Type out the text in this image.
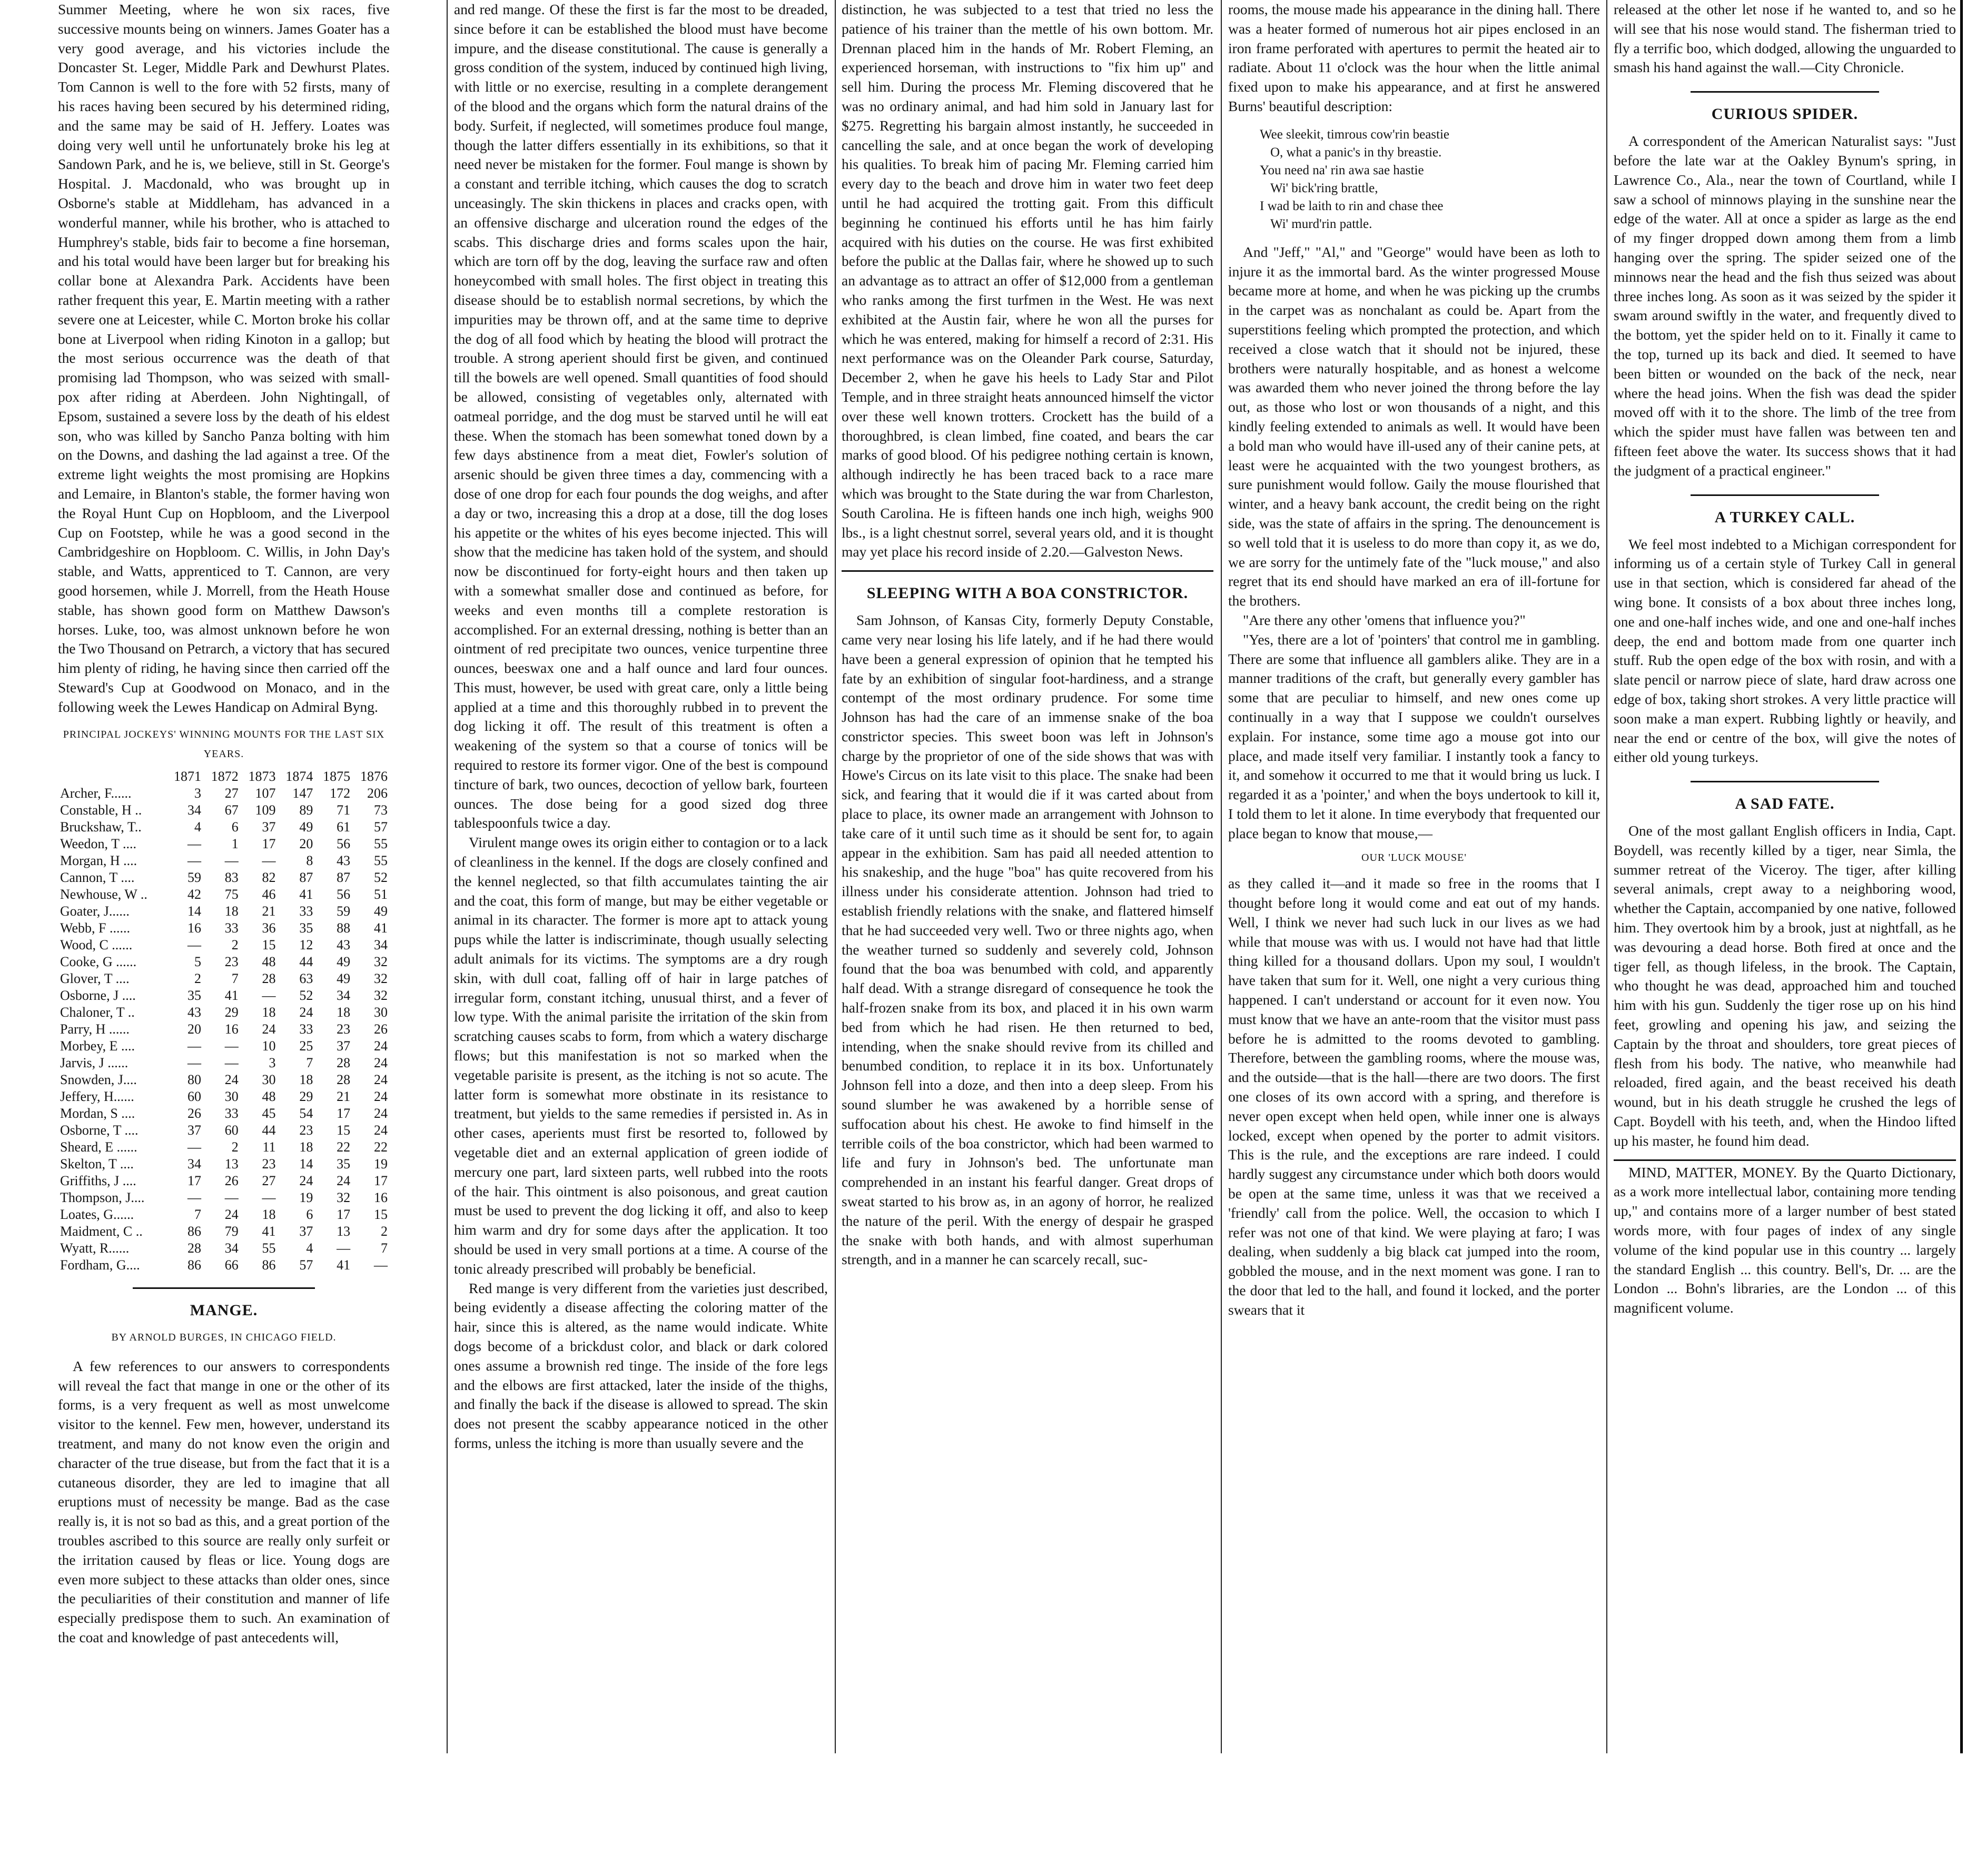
Summer Meeting, where he won six races, five successive mounts being on winners. James Goater has a very good average, and his victories include the Doncaster St. Leger, Middle Park and Dewhurst Plates. Tom Cannon is well to the fore with 52 firsts, many of his races having been secured by his determined riding, and the same may be said of H. Jeffery. Loates was doing very well until he unfortunately broke his leg at Sandown Park, and he is, we believe, still in St. George's Hospital. J. Macdonald, who was brought up in Osborne's stable at Middleham, has advanced in a wonderful manner, while his brother, who is attached to Humphrey's stable, bids fair to become a fine horseman, and his total would have been larger but for breaking his collar bone at Alexandra Park. Accidents have been rather frequent this year, E. Martin meeting with a rather severe one at Leicester, while C. Morton broke his collar bone at Liverpool when riding Kinoton in a gallop; but the most serious occurrence was the death of that promising lad Thompson, who was seized with small-pox after riding at Aberdeen. John Nightingall, of Epsom, sustained a severe loss by the death of his eldest son, who was killed by Sancho Panza bolting with him on the Downs, and dashing the lad against a tree. Of the extreme light weights the most promising are Hopkins and Lemaire, in Blanton's stable, the former having won the Royal Hunt Cup on Hopbloom, and the Liverpool Cup on Footstep, while he was a good second in the Cambridgeshire on Hopbloom. C. Willis, in John Day's stable, and Watts, apprenticed to T. Cannon, are very good horsemen, while J. Morrell, from the Heath House stable, has shown good form on Matthew Dawson's horses. Luke, too, was almost unknown before he won the Two Thousand on Petrarch, a victory that has secured him plenty of riding, he having since then carried off the Steward's Cup at Goodwood on Monaco, and in the following week the Lewes Handicap on Admiral Byng.

PRINCIPAL JOCKEYS' WINNING MOUNTS FOR THE LAST SIX YEARS.
	1871	1872	1873	1874	1875	1876
Archer, F......	3	27	107	147	172	206
Constable, H ..	34	67	109	89	71	73
Bruckshaw, T..	4	6	37	49	61	57
Weedon, T ....	—	1	17	20	56	55
Morgan, H ....	—	—	—	8	43	55
Cannon, T ....	59	83	82	87	87	52
Newhouse, W ..	42	75	46	41	56	51
Goater, J......	14	18	21	33	59	49
Webb, F ......	16	33	36	35	88	41
Wood, C ......	—	2	15	12	43	34
Cooke, G ......	5	23	48	44	49	32
Glover, T ....	2	7	28	63	49	32
Osborne, J ....	35	41	—	52	34	32
Chaloner, T ..	43	29	18	24	18	30
Parry, H ......	20	16	24	33	23	26
Morbey, E ....	—	—	10	25	37	24
Jarvis, J ......	—	—	3	7	28	24
Snowden, J....	80	24	30	18	28	24
Jeffery, H......	60	30	48	29	21	24
Mordan, S ....	26	33	45	54	17	24
Osborne, T ....	37	60	44	23	15	24
Sheard, E ......	—	2	11	18	22	22
Skelton, T ....	34	13	23	14	35	19
Griffiths, J ....	17	26	27	24	24	17
Thompson, J....	—	—	—	19	32	16
Loates, G......	7	24	18	6	17	15
Maidment, C ..	86	79	41	37	13	2
Wyatt, R......	28	34	55	4	—	7
Fordham, G....	86	66	86	57	41	—
MANGE.
BY ARNOLD BURGES, IN CHICAGO FIELD.

A few references to our answers to correspondents will reveal the fact that mange in one or the other of its forms, is a very frequent as well as most unwelcome visitor to the kennel. Few men, however, understand its treatment, and many do not know even the origin and character of the true disease, but from the fact that it is a cutaneous disorder, they are led to imagine that all eruptions must of necessity be mange. Bad as the case really is, it is not so bad as this, and a great portion of the troubles ascribed to this source are really only surfeit or the irritation caused by fleas or lice. Young dogs are even more subject to these attacks than older ones, since the peculiarities of their constitution and manner of life especially predispose them to such. An examination of the coat and knowledge of past antecedents will,

and red mange. Of these the first is far the most to be dreaded, since before it can be established the blood must have become impure, and the disease constitutional. The cause is generally a gross condition of the system, induced by continued high living, with little or no exercise, resulting in a complete derangement of the blood and the organs which form the natural drains of the body. Surfeit, if neglected, will sometimes produce foul mange, though the latter differs essentially in its exhibitions, so that it need never be mistaken for the former. Foul mange is shown by a constant and terrible itching, which causes the dog to scratch unceasingly. The skin thickens in places and cracks open, with an offensive discharge and ulceration round the edges of the scabs. This discharge dries and forms scales upon the hair, which are torn off by the dog, leaving the surface raw and often honeycombed with small holes. The first object in treating this disease should be to establish normal secretions, by which the impurities may be thrown off, and at the same time to deprive the dog of all food which by heating the blood will protract the trouble. A strong aperient should first be given, and continued till the bowels are well opened. Small quantities of food should be allowed, consisting of vegetables only, alternated with oatmeal porridge, and the dog must be starved until he will eat these. When the stomach has been somewhat toned down by a few days abstinence from a meat diet, Fowler's solution of arsenic should be given three times a day, commencing with a dose of one drop for each four pounds the dog weighs, and after a day or two, increasing this a drop at a dose, till the dog loses his appetite or the whites of his eyes become injected. This will show that the medicine has taken hold of the system, and should now be discontinued for forty-eight hours and then taken up with a somewhat smaller dose and continued as before, for weeks and even months till a complete restoration is accomplished. For an external dressing, nothing is better than an ointment of red precipitate two ounces, venice turpentine three ounces, beeswax one and a half ounce and lard four ounces. This must, however, be used with great care, only a little being applied at a time and this thoroughly rubbed in to prevent the dog licking it off. The result of this treatment is often a weakening of the system so that a course of tonics will be required to restore its former vigor. One of the best is compound tincture of bark, two ounces, decoction of yellow bark, fourteen ounces. The dose being for a good sized dog three tablespoonfuls twice a day.

Virulent mange owes its origin either to contagion or to a lack of cleanliness in the kennel. If the dogs are closely confined and the kennel neglected, so that filth accumulates tainting the air and the coat, this form of mange, but may be either vegetable or animal in its character. The former is more apt to attack young pups while the latter is indiscriminate, though usually selecting adult animals for its victims. The symptoms are a dry rough skin, with dull coat, falling off of hair in large patches of irregular form, constant itching, unusual thirst, and a fever of low type. With the animal parisite the irritation of the skin from scratching causes scabs to form, from which a watery discharge flows; but this manifestation is not so marked when the vegetable parisite is present, as the itching is not so acute. The latter form is somewhat more obstinate in its resistance to treatment, but yields to the same remedies if persisted in. As in other cases, aperients must first be resorted to, followed by vegetable diet and an external application of green iodide of mercury one part, lard sixteen parts, well rubbed into the roots of the hair. This ointment is also poisonous, and great caution must be used to prevent the dog licking it off, and also to keep him warm and dry for some days after the application. It too should be used in very small portions at a time. A course of the tonic already prescribed will probably be beneficial.

Red mange is very different from the varieties just described, being evidently a disease affecting the coloring matter of the hair, since this is altered, as the name would indicate. White dogs become of a brickdust color, and black or dark colored ones assume a brownish red tinge. The inside of the fore legs and the elbows are first attacked, later the inside of the thighs, and finally the back if the disease is allowed to spread. The skin does not present the scabby appearance noticed in the other forms, unless the itching is more than usually severe and the

distinction, he was subjected to a test that tried no less the patience of his trainer than the mettle of his own bottom. Mr. Drennan placed him in the hands of Mr. Robert Fleming, an experienced horseman, with instructions to "fix him up" and sell him. During the process Mr. Fleming discovered that he was no ordinary animal, and had him sold in January last for $275. Regretting his bargain almost instantly, he succeeded in cancelling the sale, and at once began the work of developing his qualities. To break him of pacing Mr. Fleming carried him every day to the beach and drove him in water two feet deep until he had acquired the trotting gait. From this difficult beginning he continued his efforts until he has him fairly acquired with his duties on the course. He was first exhibited before the public at the Dallas fair, where he showed up to such an advantage as to attract an offer of $12,000 from a gentleman who ranks among the first turfmen in the West. He was next exhibited at the Austin fair, where he won all the purses for which he was entered, making for himself a record of 2:31. His next performance was on the Oleander Park course, Saturday, December 2, when he gave his heels to Lady Star and Pilot Temple, and in three straight heats announced himself the victor over these well known trotters. Crockett has the build of a thoroughbred, is clean limbed, fine coated, and bears the car marks of good blood. Of his pedigree nothing certain is known, although indirectly he has been traced back to a race mare which was brought to the State during the war from Charleston, South Carolina. He is fifteen hands one inch high, weighs 900 lbs., is a light chestnut sorrel, several years old, and it is thought may yet place his record inside of 2.20.—Galveston News.

SLEEPING WITH A BOA CONSTRICTOR.

Sam Johnson, of Kansas City, formerly Deputy Constable, came very near losing his life lately, and if he had there would have been a general expression of opinion that he tempted his fate by an exhibition of singular foot-hardiness, and a strange contempt of the most ordinary prudence. For some time Johnson has had the care of an immense snake of the boa constrictor species. This sweet boon was left in Johnson's charge by the proprietor of one of the side shows that was with Howe's Circus on its late visit to this place. The snake had been sick, and fearing that it would die if it was carted about from place to place, its owner made an arrangement with Johnson to take care of it until such time as it should be sent for, to again appear in the exhibition. Sam has paid all needed attention to his snakeship, and the huge "boa" has quite recovered from his illness under his considerate attention. Johnson had tried to establish friendly relations with the snake, and flattered himself that he had succeeded very well. Two or three nights ago, when the weather turned so suddenly and severely cold, Johnson found that the boa was benumbed with cold, and apparently half dead. With a strange disregard of consequence he took the half-frozen snake from its box, and placed it in his own warm bed from which he had risen. He then returned to bed, intending, when the snake should revive from its chilled and benumbed condition, to replace it in its box. Unfortunately Johnson fell into a doze, and then into a deep sleep. From his sound slumber he was awakened by a horrible sense of suffocation about his chest. He awoke to find himself in the terrible coils of the boa constrictor, which had been warmed to life and fury in Johnson's bed. The unfortunate man comprehended in an instant his fearful danger. Great drops of sweat started to his brow as, in an agony of horror, he realized the nature of the peril. With the energy of despair he grasped the snake with both hands, and with almost superhuman strength, and in a manner he can scarcely recall, suc-

rooms, the mouse made his appearance in the dining hall. There was a heater formed of numerous hot air pipes enclosed in an iron frame perforated with apertures to permit the heated air to radiate. About 11 o'clock was the hour when the little animal fixed upon to make his appearance, and at first he answered Burns' beautiful description:

Wee sleekit, timrous cow'rin beastie
O, what a panic's in thy breastie.
You need na' rin awa sae hastie
Wi' bick'ring brattle,
I wad be laith to rin and chase thee
Wi' murd'rin pattle.

And "Jeff," "Al," and "George" would have been as loth to injure it as the immortal bard. As the winter progressed Mouse became more at home, and when he was picking up the crumbs in the carpet was as nonchalant as could be. Apart from the superstitions feeling which prompted the protection, and which received a close watch that it should not be injured, these brothers were naturally hospitable, and as honest a welcome was awarded them who never joined the throng before the lay out, as those who lost or won thousands of a night, and this kindly feeling extended to animals as well. It would have been a bold man who would have ill-used any of their canine pets, at least were he acquainted with the two youngest brothers, as sure punishment would follow. Gaily the mouse flourished that winter, and a heavy bank account, the credit being on the right side, was the state of affairs in the spring. The denouncement is so well told that it is useless to do more than copy it, as we do, we are sorry for the untimely fate of the "luck mouse," and also regret that its end should have marked an era of ill-fortune for the brothers.

"Are there any other 'omens that influence you?"

"Yes, there are a lot of 'pointers' that control me in gambling. There are some that influence all gamblers alike. They are in a manner traditions of the craft, but generally every gambler has some that are peculiar to himself, and new ones come up continually in a way that I suppose we couldn't ourselves explain. For instance, some time ago a mouse got into our place, and made itself very familiar. I instantly took a fancy to it, and somehow it occurred to me that it would bring us luck. I regarded it as a 'pointer,' and when the boys undertook to kill it, I told them to let it alone. In time everybody that frequented our place began to know that mouse,—

OUR 'LUCK MOUSE'

as they called it—and it made so free in the rooms that I thought before long it would come and eat out of my hands. Well, I think we never had such luck in our lives as we had while that mouse was with us. I would not have had that little thing killed for a thousand dollars. Upon my soul, I wouldn't have taken that sum for it. Well, one night a very curious thing happened. I can't understand or account for it even now. You must know that we have an ante-room that the visitor must pass before he is admitted to the rooms devoted to gambling. Therefore, between the gambling rooms, where the mouse was, and the outside—that is the hall—there are two doors. The first one closes of its own accord with a spring, and therefore is never open except when held open, while inner one is always locked, except when opened by the porter to admit visitors. This is the rule, and the exceptions are rare indeed. I could hardly suggest any circumstance under which both doors would be open at the same time, unless it was that we received a 'friendly' call from the police. Well, the occasion to which I refer was not one of that kind. We were playing at faro; I was dealing, when suddenly a big black cat jumped into the room, gobbled the mouse, and in the next moment was gone. I ran to the door that led to the hall, and found it locked, and the porter swears that it

released at the other let nose if he wanted to, and so he will see that his nose would stand. The fisherman tried to fly a terrific boo, which dodged, allowing the unguarded to smash his hand against the wall.—City Chronicle.

CURIOUS SPIDER.

A correspondent of the American Naturalist says: "Just before the late war at the Oakley Bynum's spring, in Lawrence Co., Ala., near the town of Courtland, while I saw a school of minnows playing in the sunshine near the edge of the water. All at once a spider as large as the end of my finger dropped down among them from a limb hanging over the spring. The spider seized one of the minnows near the head and the fish thus seized was about three inches long. As soon as it was seized by the spider it swam around swiftly in the water, and frequently dived to the bottom, yet the spider held on to it. Finally it came to the top, turned up its back and died. It seemed to have been bitten or wounded on the back of the neck, near where the head joins. When the fish was dead the spider moved off with it to the shore. The limb of the tree from which the spider must have fallen was between ten and fifteen feet above the water. Its success shows that it had the judgment of a practical engineer."

A TURKEY CALL.

We feel most indebted to a Michigan correspondent for informing us of a certain style of Turkey Call in general use in that section, which is considered far ahead of the wing bone. It consists of a box about three inches long, one and one-half inches wide, and one and one-half inches deep, the end and bottom made from one quarter inch stuff. Rub the open edge of the box with rosin, and with a slate pencil or narrow piece of slate, hard draw across one edge of box, taking short strokes. A very little practice will soon make a man expert. Rubbing lightly or heavily, and near the end or centre of the box, will give the notes of either old young turkeys.

A SAD FATE.

One of the most gallant English officers in India, Capt. Boydell, was recently killed by a tiger, near Simla, the summer retreat of the Viceroy. The tiger, after killing several animals, crept away to a neighboring wood, whether the Captain, accompanied by one native, followed him. They overtook him by a brook, just at nightfall, as he was devouring a dead horse. Both fired at once and the tiger fell, as though lifeless, in the brook. The Captain, who thought he was dead, approached him and touched him with his gun. Suddenly the tiger rose up on his hind feet, growling and opening his jaw, and seizing the Captain by the throat and shoulders, tore great pieces of flesh from his body. The native, who meanwhile had reloaded, fired again, and the beast received his death wound, but in his death struggle he crushed the legs of Capt. Boydell with his teeth, and, when the Hindoo lifted up his master, he found him dead.

MIND, MATTER, MONEY. By the Quarto Dictionary, as a work more intellectual labor, containing more tending up," and contains more of a larger number of best stated words more, with four pages of index of any single volume of the kind popular use in this country ... largely the standard English ... this country. Bell's, Dr. ... are the London ... Bohn's libraries, are the London ... of this magnificent volume.
